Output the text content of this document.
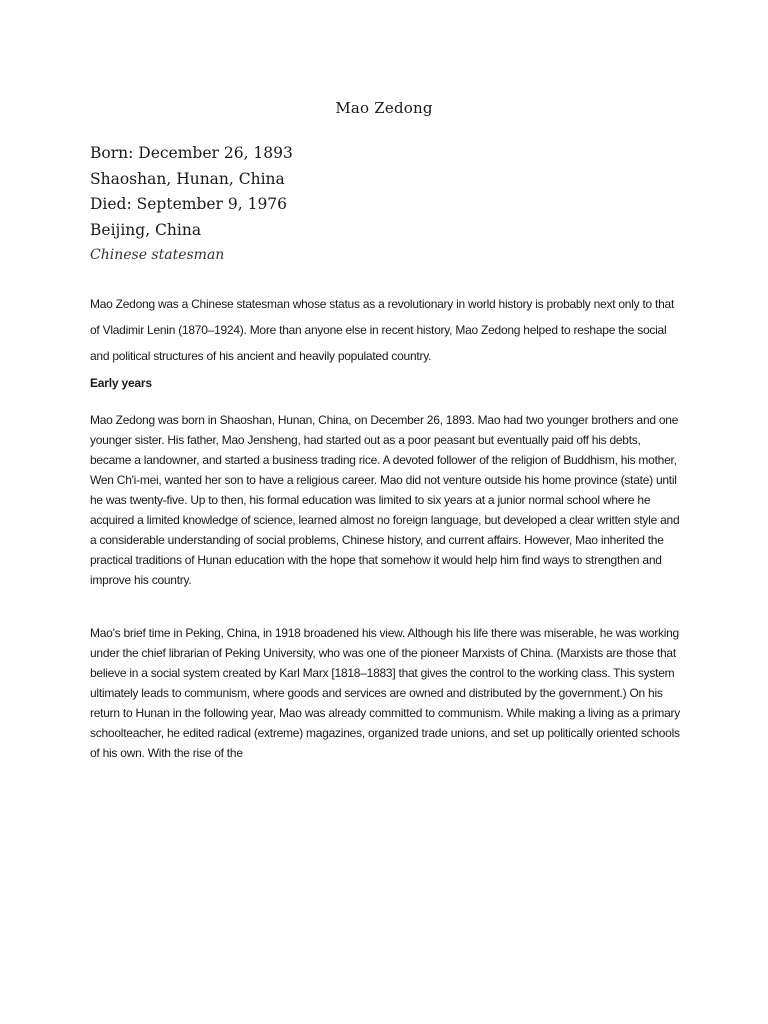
Mao Zedong
Born: December 26, 1893
Shaoshan, Hunan, China
Died: September 9, 1976
Beijing, China
Chinese statesman

Mao Zedong was a Chinese statesman whose status as a revolutionary in world history is probably next only to that of Vladimir Lenin (1870–1924). More than anyone else in recent history, Mao Zedong helped to reshape the social and political structures of his ancient and heavily populated country.

Early years

Mao Zedong was born in Shaoshan, Hunan, China, on December 26, 1893. Mao had two younger brothers and one younger sister. His father, Mao Jensheng, had started out as a poor peasant but eventually paid off his debts, became a landowner, and started a business trading rice. A devoted follower of the religion of Buddhism, his mother, Wen Ch'i-mei, wanted her son to have a religious career. Mao did not venture outside his home province (state) until he was twenty-five. Up to then, his formal education was limited to six years at a junior normal school where he acquired a limited knowledge of science, learned almost no foreign language, but developed a clear written style and a considerable understanding of social problems, Chinese history, and current affairs. However, Mao inherited the practical traditions of Hunan education with the hope that somehow it would help him find ways to strengthen and improve his country.

Mao's brief time in Peking, China, in 1918 broadened his view. Although his life there was miserable, he was working under the chief librarian of Peking University, who was one of the pioneer Marxists of China. (Marxists are those that believe in a social system created by Karl Marx [1818–1883] that gives the control to the working class. This system ultimately leads to communism, where goods and services are owned and distributed by the government.) On his return to Hunan in the following year, Mao was already committed to communism. While making a living as a primary schoolteacher, he edited radical (extreme) magazines, organized trade unions, and set up politically oriented schools of his own. With the rise of the
